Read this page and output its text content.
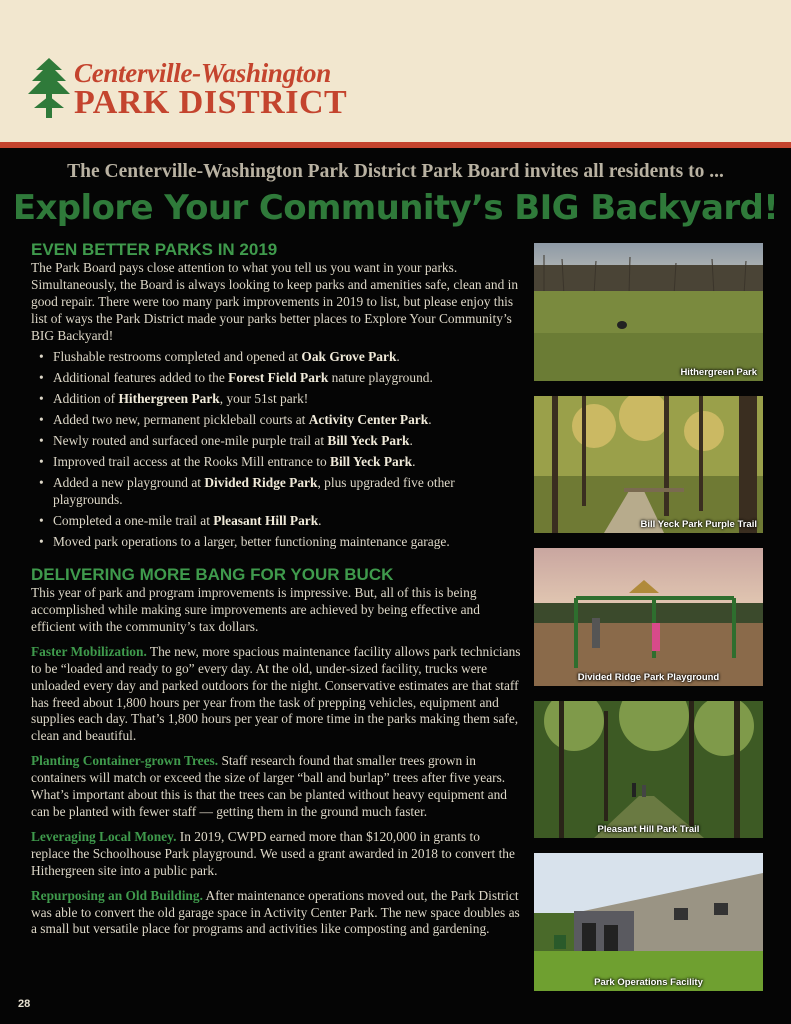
Centerville-Washington
PARK DISTRICT
The Centerville-Washington Park District Park Board invites all residents to ...
Explore Your Community’s BIG Backyard!
EVEN BETTER PARKS IN 2019

The Park Board pays close attention to what you tell us you want in your parks. Simultaneously, the Board is always looking to keep parks and amenities safe, clean and in good repair. There were too many park improvements in 2019 to list, but please enjoy this list of ways the Park District made your parks better places to Explore Your Community’s BIG Backyard!

• Flushable restrooms completed and opened at Oak Grove Park.
• Additional features added to the Forest Field Park nature playground.
• Addition of Hithergreen Park, your 51st park!
• Added two new, permanent pickleball courts at Activity Center Park.
• Newly routed and surfaced one-mile purple trail at Bill Yeck Park.
• Improved trail access at the Rooks Mill entrance to Bill Yeck Park.
• Added a new playground at Divided Ridge Park, plus upgraded five other playgrounds.
• Completed a one-mile trail at Pleasant Hill Park.
• Moved park operations to a larger, better functioning maintenance garage.
DELIVERING MORE BANG FOR YOUR BUCK

This year of park and program improvements is impressive. But, all of this is being accomplished while making sure improvements are achieved by being effective and efficient with the community’s tax dollars.

Faster Mobilization. The new, more spacious maintenance facility allows park technicians to be “loaded and ready to go” every day. At the old, under-sized facility, trucks were unloaded every day and parked outdoors for the night. Conservative estimates are that staff has freed about 1,800 hours per year from the task of prepping vehicles, equipment and supplies each day. That’s 1,800 hours per year of more time in the parks making them safe, clean and beautiful.

Planting Container-grown Trees. Staff research found that smaller trees grown in containers will match or exceed the size of larger “ball and burlap” trees after five years. What’s important about this is that the trees can be planted without heavy equipment and can be planted with fewer staff — getting them in the ground much faster.

Leveraging Local Money. In 2019, CWPD earned more than $120,000 in grants to replace the Schoolhouse Park playground. We used a grant awarded in 2018 to convert the Hithergreen site into a public park.

Repurposing an Old Building. After maintenance operations moved out, the Park District was able to convert the old garage space in Activity Center Park. The new space doubles as a small but versatile place for programs and activities like composting and gardening.

Hithergreen Park
Bill Yeck Park Purple Trail
Divided Ridge Park Playground
Pleasant Hill Park Trail
Park Operations Facility
28
